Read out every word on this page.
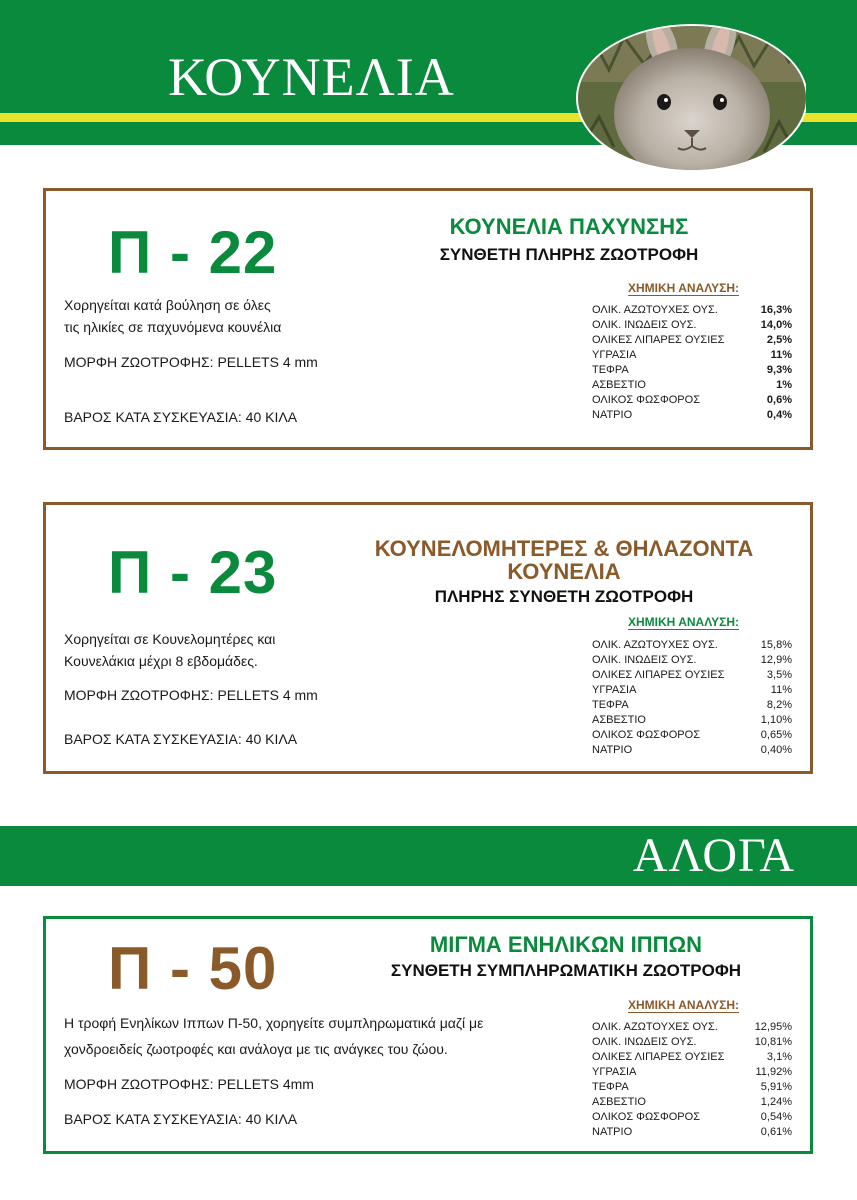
ΚΟΥΝΕΛΙΑ
Π - 22	ΚΟΥΝΕΛΙΑ ΠΑΧΥΝΣΗΣ
ΣΥΝΘΕΤΗ ΠΛΗΡΗΣ ΖΩΟΤΡΟΦΗ
Χορηγείται κατά βούληση σε όλες
τις ηλικίες σε παχυνόμενα κουνέλια
ΜΟΡΦΗ ΖΩΟΤΡΟΦΗΣ: PELLETS 4 mm
ΒΑΡΟΣ ΚΑΤΑ ΣΥΣΚΕΥΑΣΙΑ: 40 ΚΙΛΑ
ΧΗΜΙΚΗ ΑΝΑΛΥΣΗ:
ΟΛΙΚ. ΑΖΩΤΟΥΧΕΣ ΟΥΣ.	16,3%
ΟΛΙΚ. ΙΝΩΔΕΙΣ ΟΥΣ.	14,0%
ΟΛΙΚΕΣ ΛΙΠΑΡΕΣ ΟΥΣΙΕΣ	2,5%
ΥΓΡΑΣΙΑ	11%
ΤΕΦΡΑ	9,3%
ΑΣΒΕΣΤΙΟ	1%
ΟΛΙΚΟΣ ΦΩΣΦΟΡΟΣ	0,6%
ΝΑΤΡΙΟ	0,4%
Π - 23	ΚΟΥΝΕΛΟΜΗΤΕΡΕΣ & ΘΗΛΑΖΟΝΤΑ
ΚΟΥΝΕΛΙΑ
ΠΛΗΡΗΣ ΣΥΝΘΕΤΗ ΖΩΟΤΡΟΦΗ
Χορηγείται σε Κουνελομητέρες και
Κουνελάκια μέχρι 8 εβδομάδες.
ΜΟΡΦΗ ΖΩΟΤΡΟΦΗΣ: PELLETS 4 mm
ΒΑΡΟΣ ΚΑΤΑ ΣΥΣΚΕΥΑΣΙΑ: 40 ΚΙΛΑ
ΧΗΜΙΚΗ ΑΝΑΛΥΣΗ:
ΟΛΙΚ. ΑΖΩΤΟΥΧΕΣ ΟΥΣ.	15,8%
ΟΛΙΚ. ΙΝΩΔΕΙΣ ΟΥΣ.	12,9%
ΟΛΙΚΕΣ ΛΙΠΑΡΕΣ ΟΥΣΙΕΣ	3,5%
ΥΓΡΑΣΙΑ	11%
ΤΕΦΡΑ	8,2%
ΑΣΒΕΣΤΙΟ	1,10%
ΟΛΙΚΟΣ ΦΩΣΦΟΡΟΣ	0,65%
ΝΑΤΡΙΟ	0,40%
ΑΛΟΓΑ
Π - 50	ΜΙΓΜΑ ΕΝΗΛΙΚΩΝ ΙΠΠΩΝ
ΣΥΝΘΕΤΗ ΣΥΜΠΛΗΡΩΜΑΤΙΚΗ ΖΩΟΤΡΟΦΗ
Η τροφή Ενηλίκων Ιππων Π-50, χορηγείτε συμπληρωματικά μαζί με
χονδροειδείς ζωοτροφές και ανάλογα με τις ανάγκες του ζώου.
ΜΟΡΦΗ ΖΩΟΤΡΟΦΗΣ: PELLETS 4mm
ΒΑΡΟΣ ΚΑΤΑ ΣΥΣΚΕΥΑΣΙΑ: 40 ΚΙΛΑ
ΧΗΜΙΚΗ ΑΝΑΛΥΣΗ:
ΟΛΙΚ. ΑΖΩΤΟΥΧΕΣ ΟΥΣ.	12,95%
ΟΛΙΚ. ΙΝΩΔΕΙΣ ΟΥΣ.	10,81%
ΟΛΙΚΕΣ ΛΙΠΑΡΕΣ ΟΥΣΙΕΣ	3,1%
ΥΓΡΑΣΙΑ	11,92%
ΤΕΦΡΑ	5,91%
ΑΣΒΕΣΤΙΟ	1,24%
ΟΛΙΚΟΣ ΦΩΣΦΟΡΟΣ	0,54%
ΝΑΤΡΙΟ	0,61%
